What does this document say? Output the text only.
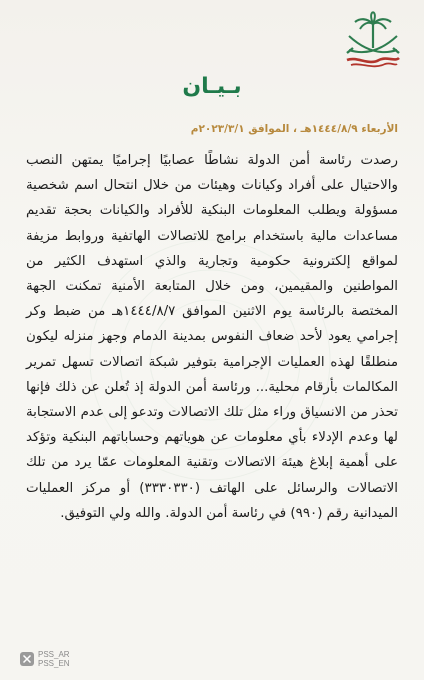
بـيـان
الأربعاء ١٤٤٤/٨/٩هـ ، الموافق ٢٠٢٣/٣/١م

رصدت رئاسة أمن الدولة نشاطًا عصابيًا إجراميًا يمتهن النصب والاحتيال على أفراد وكيانات وهيئات من خلال انتحال اسم شخصية مسؤولة ويطلب المعلومات البنكية للأفراد والكيانات بحجة تقديم مساعدات مالية باستخدام برامج للاتصالات الهاتفية وروابط مزيفة لمواقع إلكترونية حكومية وتجارية والذي استهدف الكثير من المواطنين والمقيمين، ومن خلال المتابعة الأمنية تمكنت الجهة المختصة بالرئاسة يوم الاثنين الموافق ١٤٤٤/٨/٧هـ من ضبط وكر إجرامي يعود لأحد ضعاف النفوس بمدينة الدمام وجهز منزله ليكون منطلقًا لهذه العمليات الإجرامية بتوفير شبكة اتصالات تسهل تمرير المكالمات بأرقام محلية... ورئاسة أمن الدولة إذ تُعلن عن ذلك فإنها تحذر من الانسياق وراء مثل تلك الاتصالات وتدعو إلى عدم الاستجابة لها وعدم الإدلاء بأي معلومات عن هوياتهم وحساباتهم البنكية وتؤكد على أهمية إبلاغ هيئة الاتصالات وتقنية المعلومات عمّا يرد من تلك الاتصالات والرسائل على الهاتف (٣٣٣٠٣٣٠) أو مركز العمليات الميدانية رقم (٩٩٠) في رئاسة أمن الدولة. والله ولي التوفيق.

PSS_AR
PSS_EN
